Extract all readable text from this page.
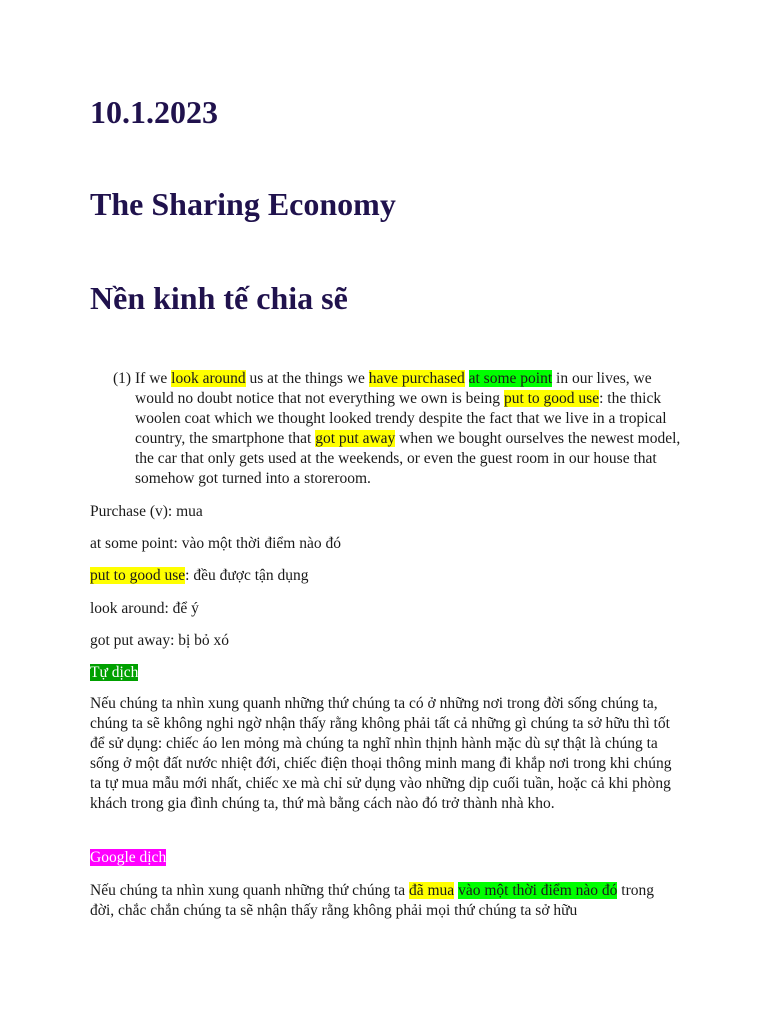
10.1.2023
The Sharing Economy
Nền kinh tế chia sẽ
(1) If we look around us at the things we have purchased at some point in our lives, we would no doubt notice that not everything we own is being put to good use: the thick woolen coat which we thought looked trendy despite the fact that we live in a tropical country, the smartphone that got put away when we bought ourselves the newest model, the car that only gets used at the weekends, or even the guest room in our house that somehow got turned into a storeroom.
Purchase (v): mua
at some point: vào một thời điểm nào đó
put to good use: đều được tận dụng
look around: để ý
got put away: bị bỏ xó
Tự dịch
Nếu chúng ta nhìn xung quanh những thứ chúng ta có ở những nơi trong đời sống chúng ta, chúng ta sẽ không nghi ngờ nhận thấy rằng không phải tất cả những gì chúng ta sở hữu thì tốt để sử dụng: chiếc áo len mỏng mà chúng ta nghĩ nhìn thịnh hành mặc dù sự thật là chúng ta sống ở một đất nước nhiệt đới, chiếc điện thoại thông minh mang đi khắp nơi trong khi chúng ta tự mua mẫu mới nhất, chiếc xe mà chỉ sử dụng vào những dịp cuối tuần, hoặc cả khi phòng khách trong gia đình chúng ta, thứ mà bằng cách nào đó trở thành nhà kho.
Google dịch
Nếu chúng ta nhìn xung quanh những thứ chúng ta đã mua vào một thời điểm nào đó trong đời, chắc chắn chúng ta sẽ nhận thấy rằng không phải mọi thứ chúng ta sở hữu
